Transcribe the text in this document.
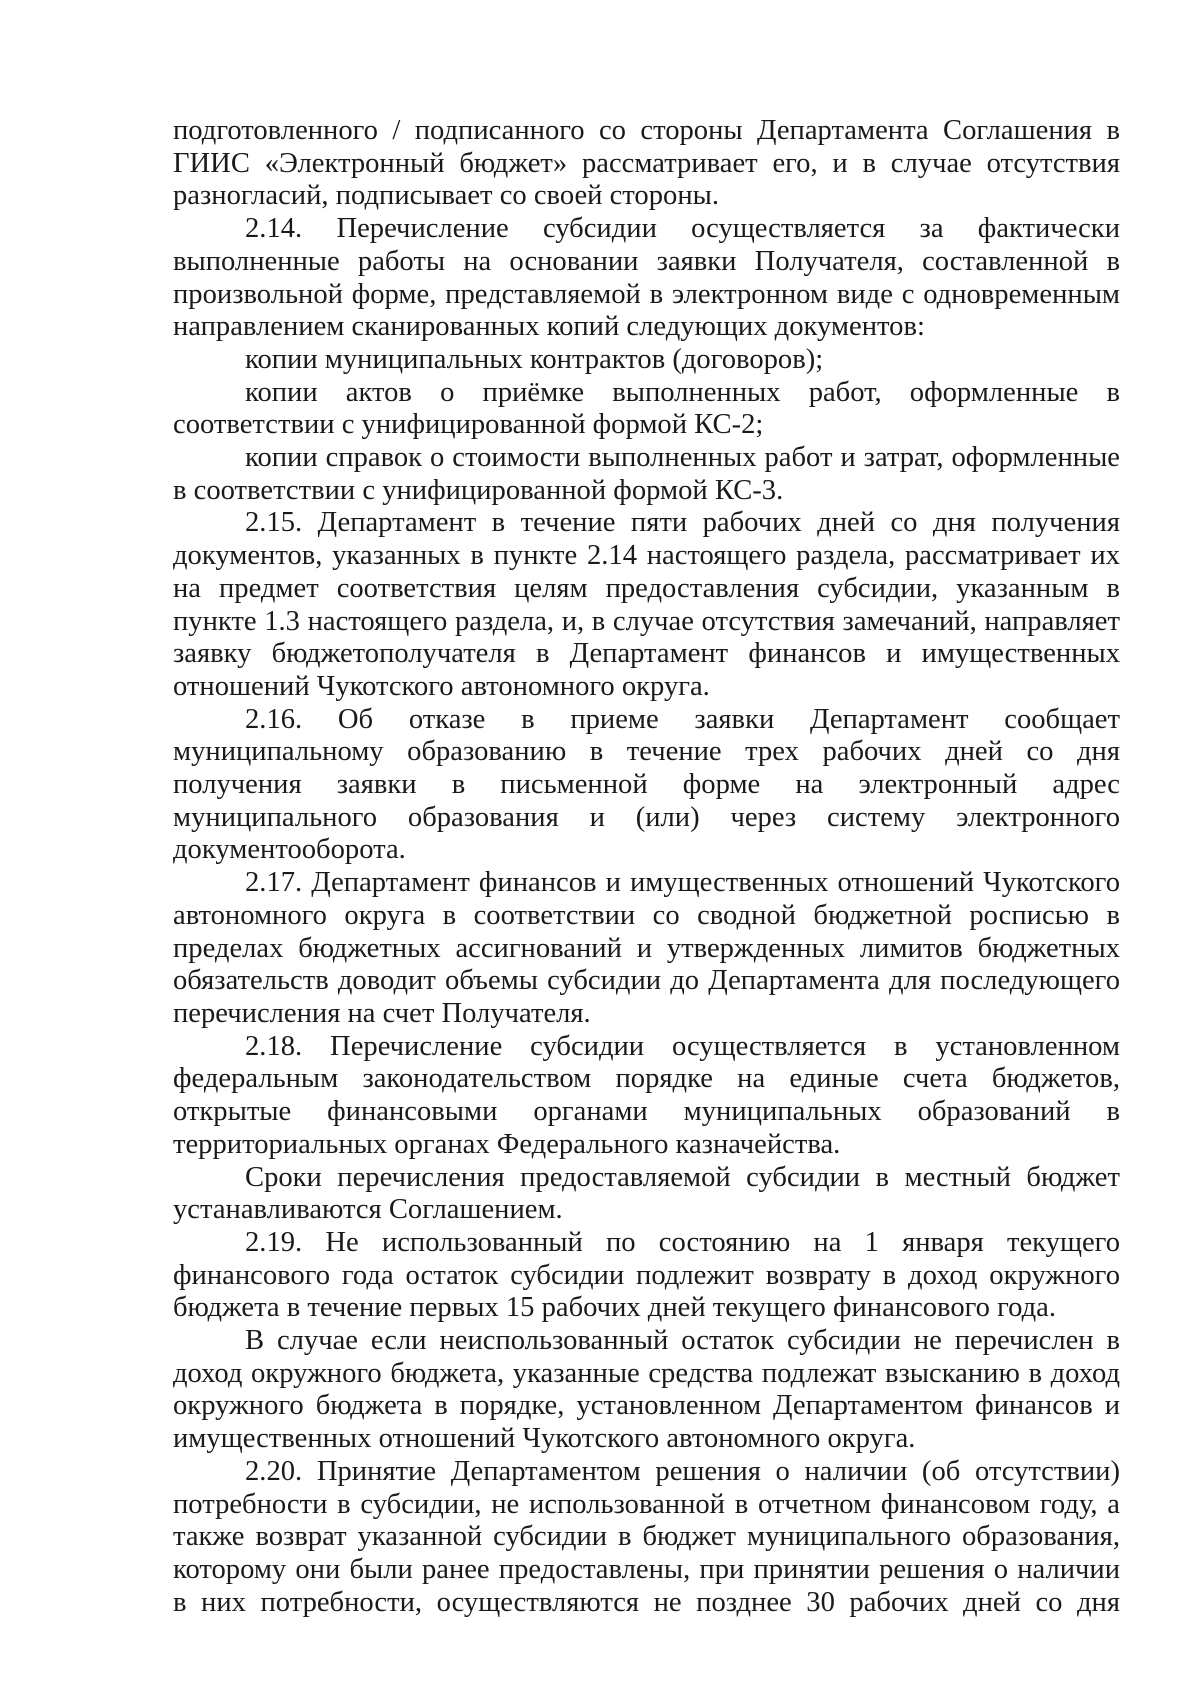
подготовленного / подписанного со стороны Департамента Соглашения в ГИИС «Электронный бюджет» рассматривает его, и в случае отсутствия разногласий, подписывает со своей стороны.

2.14. Перечисление субсидии осуществляется за фактически выполненные работы на основании заявки Получателя, составленной в произвольной форме, представляемой в электронном виде с одновременным направлением сканированных копий следующих документов:

копии муниципальных контрактов (договоров);

копии актов о приёмке выполненных работ, оформленные в соответствии с унифицированной формой КС-2;

копии справок о стоимости выполненных работ и затрат, оформленные в соответствии с унифицированной формой КС-3.

2.15. Департамент в течение пяти рабочих дней со дня получения документов, указанных в пункте 2.14 настоящего раздела, рассматривает их на предмет соответствия целям предоставления субсидии, указанным в пункте 1.3 настоящего раздела, и, в случае отсутствия замечаний, направляет заявку бюджетополучателя в Департамент финансов и имущественных отношений Чукотского автономного округа.

2.16. Об отказе в приеме заявки Департамент сообщает муниципальному образованию в течение трех рабочих дней со дня получения заявки в письменной форме на электронный адрес муниципального образования и (или) через систему электронного документооборота.

2.17. Департамент финансов и имущественных отношений Чукотского автономного округа в соответствии со сводной бюджетной росписью в пределах бюджетных ассигнований и утвержденных лимитов бюджетных обязательств доводит объемы субсидии до Департамента для последующего перечисления на счет Получателя.

2.18. Перечисление субсидии осуществляется в установленном федеральным законодательством порядке на единые счета бюджетов, открытые финансовыми органами муниципальных образований в территориальных органах Федерального казначейства.

Сроки перечисления предоставляемой субсидии в местный бюджет устанавливаются Соглашением.

2.19. Не использованный по состоянию на 1 января текущего финансового года остаток субсидии подлежит возврату в доход окружного бюджета в течение первых 15 рабочих дней текущего финансового года.

В случае если неиспользованный остаток субсидии не перечислен в доход окружного бюджета, указанные средства подлежат взысканию в доход окружного бюджета в порядке, установленном Департаментом финансов и имущественных отношений Чукотского автономного округа.

2.20. Принятие Департаментом решения о наличии (об отсутствии) потребности в субсидии, не использованной в отчетном финансовом году, а также возврат указанной субсидии в бюджет муниципального образования, которому они были ранее предоставлены, при принятии решения о наличии в них потребности, осуществляются не позднее 30 рабочих дней со дня
